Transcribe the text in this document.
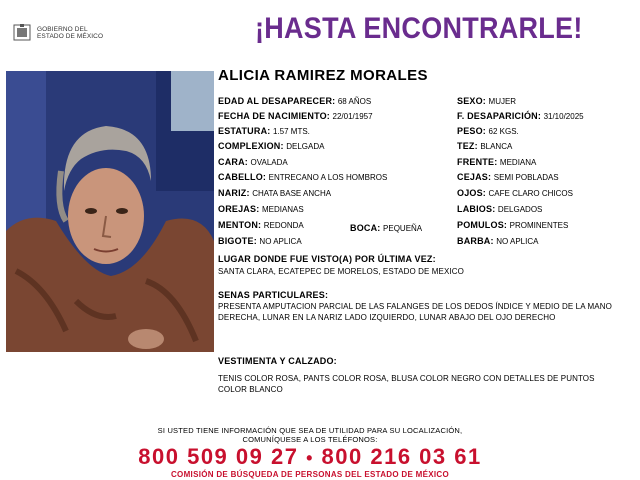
GOBIERNO DEL
ESTADO DE MÉXICO	¡HASTA ENCONTRARLE!
ALICIA RAMIREZ MORALES
EDAD AL DESAPARECER: 68 AÑOS
FECHA DE NACIMIENTO: 22/01/1957
ESTATURA: 1.57 MTS.
COMPLEXION: DELGADA
CARA: OVALADA
CABELLO: ENTRECANO A LOS HOMBROS
NARIZ: CHATA BASE ANCHA
OREJAS: MEDIANAS
MENTON: REDONDA	BOCA: PEQUEÑA
BIGOTE: NO APLICA
SEXO: MUJER
F. DESAPARICIÓN: 31/10/2025
PESO: 62 KGS.
TEZ: BLANCA
FRENTE: MEDIANA
CEJAS: SEMI POBLADAS
OJOS: CAFE CLARO CHICOS
LABIOS: DELGADOS
POMULOS: PROMINENTES
BARBA: NO APLICA
LUGAR DONDE FUE VISTO(A) POR ÚLTIMA VEZ:
SANTA CLARA, ECATEPEC DE MORELOS, ESTADO DE MEXICO
SENAS PARTICULARES:
PRESENTA AMPUTACION PARCIAL DE LAS FALANGES DE LOS DEDOS ÍNDICE Y MEDIO DE LA MANO DERECHA, LUNAR EN LA NARIZ LADO IZQUIERDO, LUNAR ABAJO DEL OJO DERECHO
VESTIMENTA Y CALZADO:
TENIS COLOR ROSA, PANTS COLOR ROSA, BLUSA COLOR NEGRO CON DETALLES DE PUNTOS COLOR BLANCO
SI USTED TIENE INFORMACIÓN QUE SEA DE UTILIDAD PARA SU LOCALIZACIÓN,
COMUNÍQUESE A LOS TELÉFONOS:
800 509 09 27 • 800 216 03 61
COMISIÓN DE BÚSQUEDA DE PERSONAS DEL ESTADO DE MÉXICO
